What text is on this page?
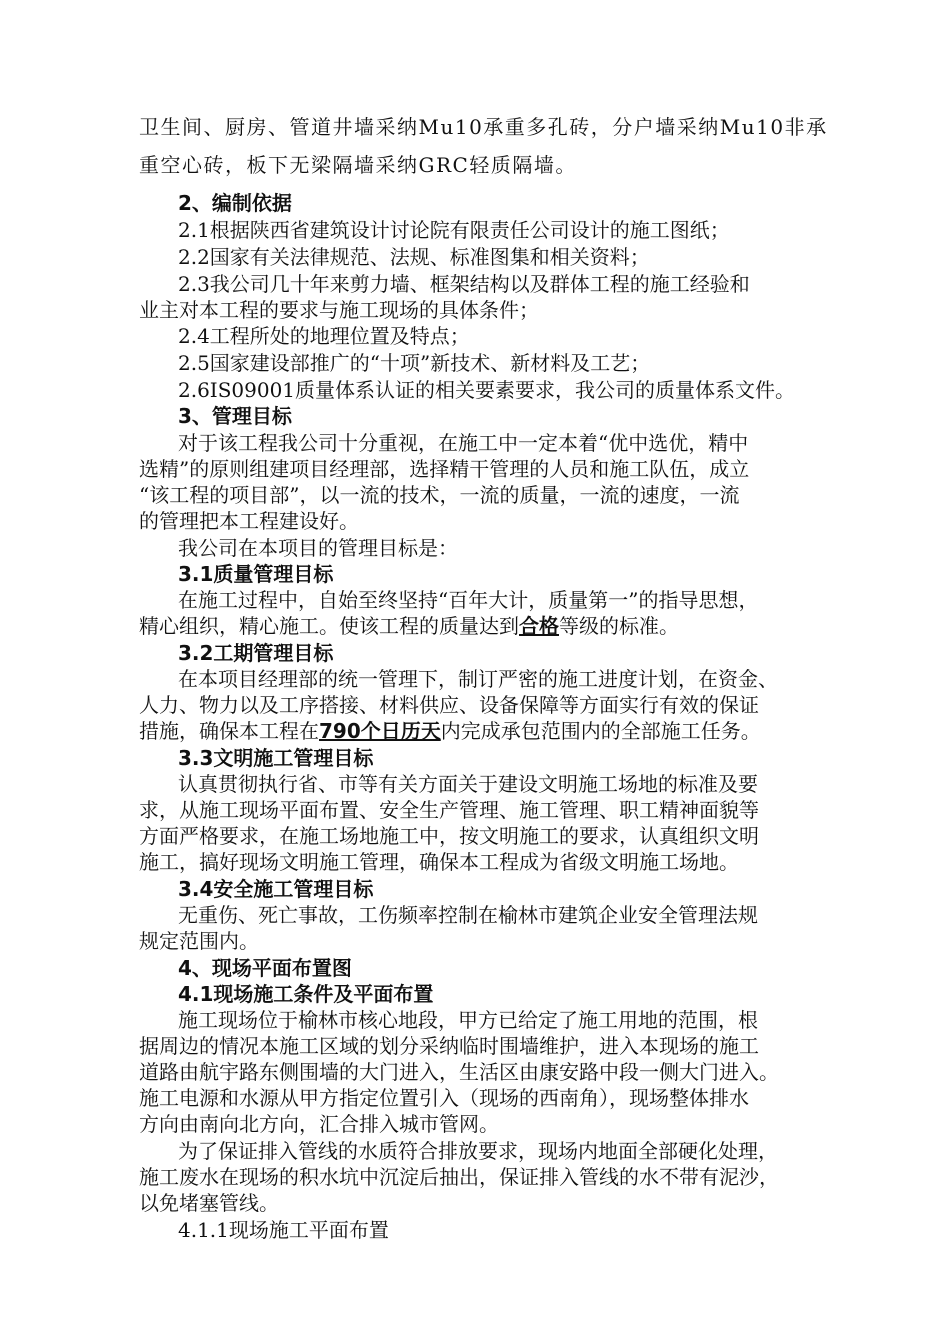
卫生间、厨房、管道井墙采纳Mu10承重多孔砖，分户墙采纳Mu10非承
重空心砖，板下无梁隔墙采纳GRC轻质隔墙。
2、编制依据
2.1根据陕西省建筑设计讨论院有限责任公司设计的施工图纸；
2.2国家有关法律规范、法规、标准图集和相关资料；
2.3我公司几十年来剪力墙、框架结构以及群体工程的施工经验和
业主对本工程的要求与施工现场的具体条件；
2.4工程所处的地理位置及特点；
2.5国家建设部推广的“十项”新技术、新材料及工艺；
2.6IS09001质量体系认证的相关要素要求，我公司的质量体系文件。
3、管理目标
对于该工程我公司十分重视，在施工中一定本着“优中选优，精中
选精”的原则组建项目经理部，选择精干管理的人员和施工队伍，成立
“该工程的项目部”，以一流的技术，一流的质量，一流的速度，一流
的管理把本工程建设好。
我公司在本项目的管理目标是：
3.1质量管理目标
在施工过程中，自始至终坚持“百年大计，质量第一”的指导思想，
精心组织，精心施工。使该工程的质量达到合格等级的标准。
3.2工期管理目标
在本项目经理部的统一管理下，制订严密的施工进度计划，在资金、
人力、物力以及工序搭接、材料供应、设备保障等方面实行有效的保证
措施，确保本工程在790个日历天内完成承包范围内的全部施工任务。
3.3文明施工管理目标
认真贯彻执行省、市等有关方面关于建设文明施工场地的标准及要
求，从施工现场平面布置、安全生产管理、施工管理、职工精神面貌等
方面严格要求，在施工场地施工中，按文明施工的要求，认真组织文明
施工，搞好现场文明施工管理，确保本工程成为省级文明施工场地。
3.4安全施工管理目标
无重伤、死亡事故，工伤频率控制在榆林市建筑企业安全管理法规
规定范围内。
4、现场平面布置图
4.1现场施工条件及平面布置
施工现场位于榆林市核心地段，甲方已给定了施工用地的范围，根
据周边的情况本施工区域的划分采纳临时围墙维护，进入本现场的施工
道路由航宇路东侧围墙的大门进入，生活区由康安路中段一侧大门进入。
施工电源和水源从甲方指定位置引入（现场的西南角），现场整体排水
方向由南向北方向，汇合排入城市管网。
为了保证排入管线的水质符合排放要求，现场内地面全部硬化处理，
施工废水在现场的积水坑中沉淀后抽出，保证排入管线的水不带有泥沙，
以免堵塞管线。
4.1.1现场施工平面布置
